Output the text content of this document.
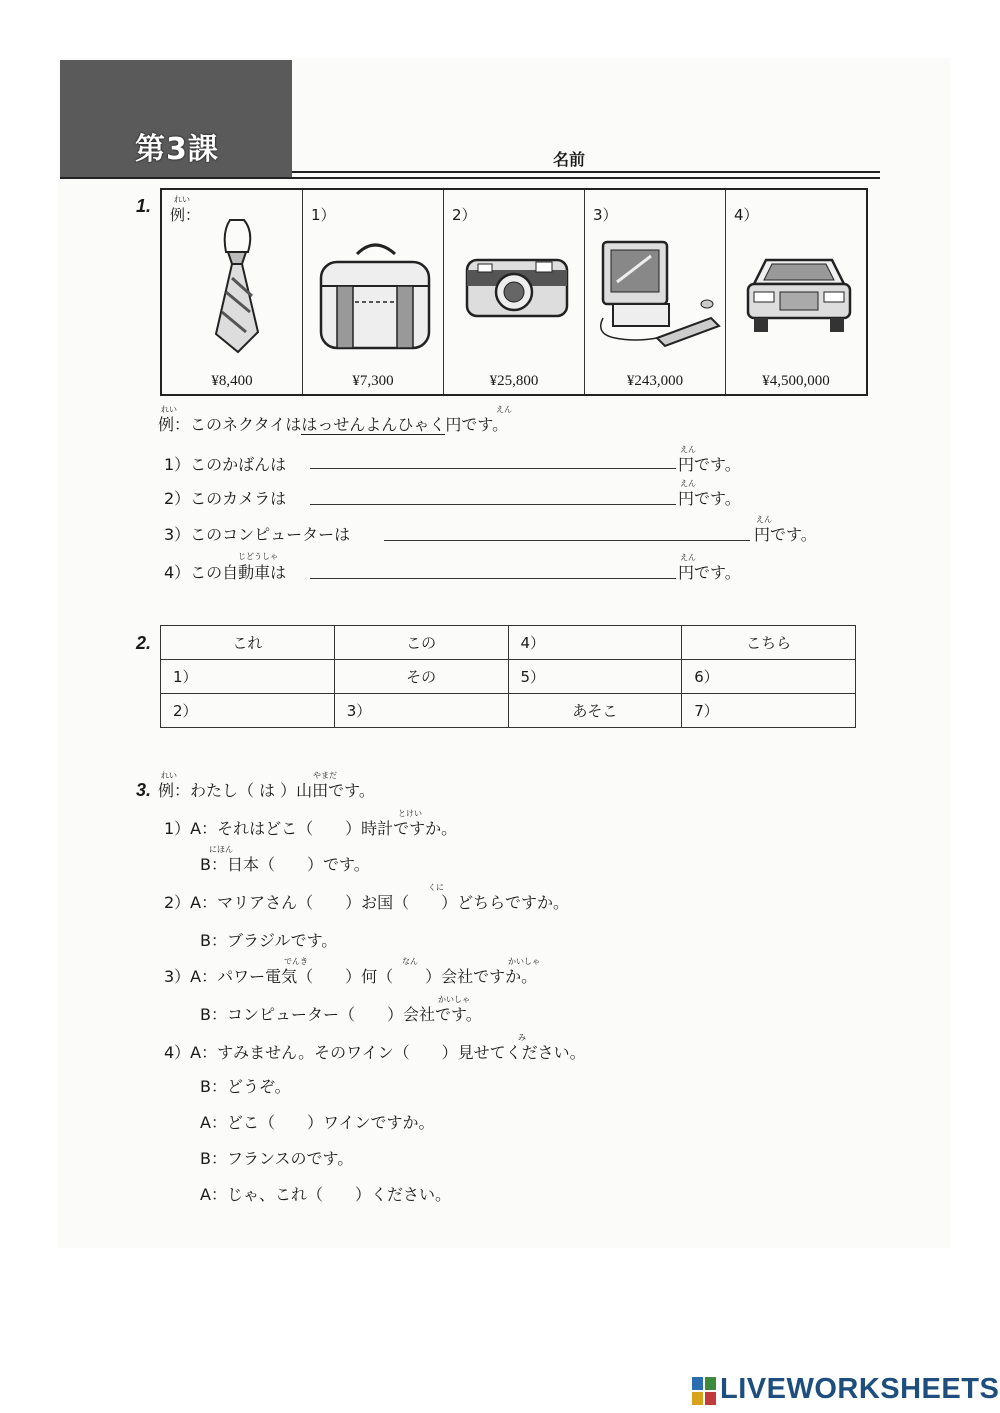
第3課	名前
1.	れい
例：
¥8,400
1）
¥7,300
2）
¥25,800
3）
¥243,000
4）
¥4,500,000
れい
例：このネクタイははっせんよんひゃく円です。
えん
1）このかばんは
えん
円です。
2）このカメラは
えん
円です。
3）このコンピューターは
えん
円です。
じどうしゃ
4）この自動車は
えん
円です。
2.	これ	この	4）	こちら
1）	その	5）	6）
2）	3）	あそこ	7）
3.
れい	やまだ
例：わたし（ は ）山田です。
とけい
1）A：それはどこ（　　）時計ですか。
にほん
B：日本（　　）です。
くに
2）A：マリアさん（　　）お国（　　）どちらですか。
B：ブラジルです。
でんき	なん	かいしゃ
3）A：パワー電気（　　）何（　　）会社ですか。
かいしゃ
B：コンピューター（　　）会社です。
み
4）A：すみません。そのワイン（　　）見せてください。
B：どうぞ。
A：どこ（　　）ワインですか。
B：フランスのです。
A：じゃ、これ（　　）ください。
LIVEWORKSHEETS
